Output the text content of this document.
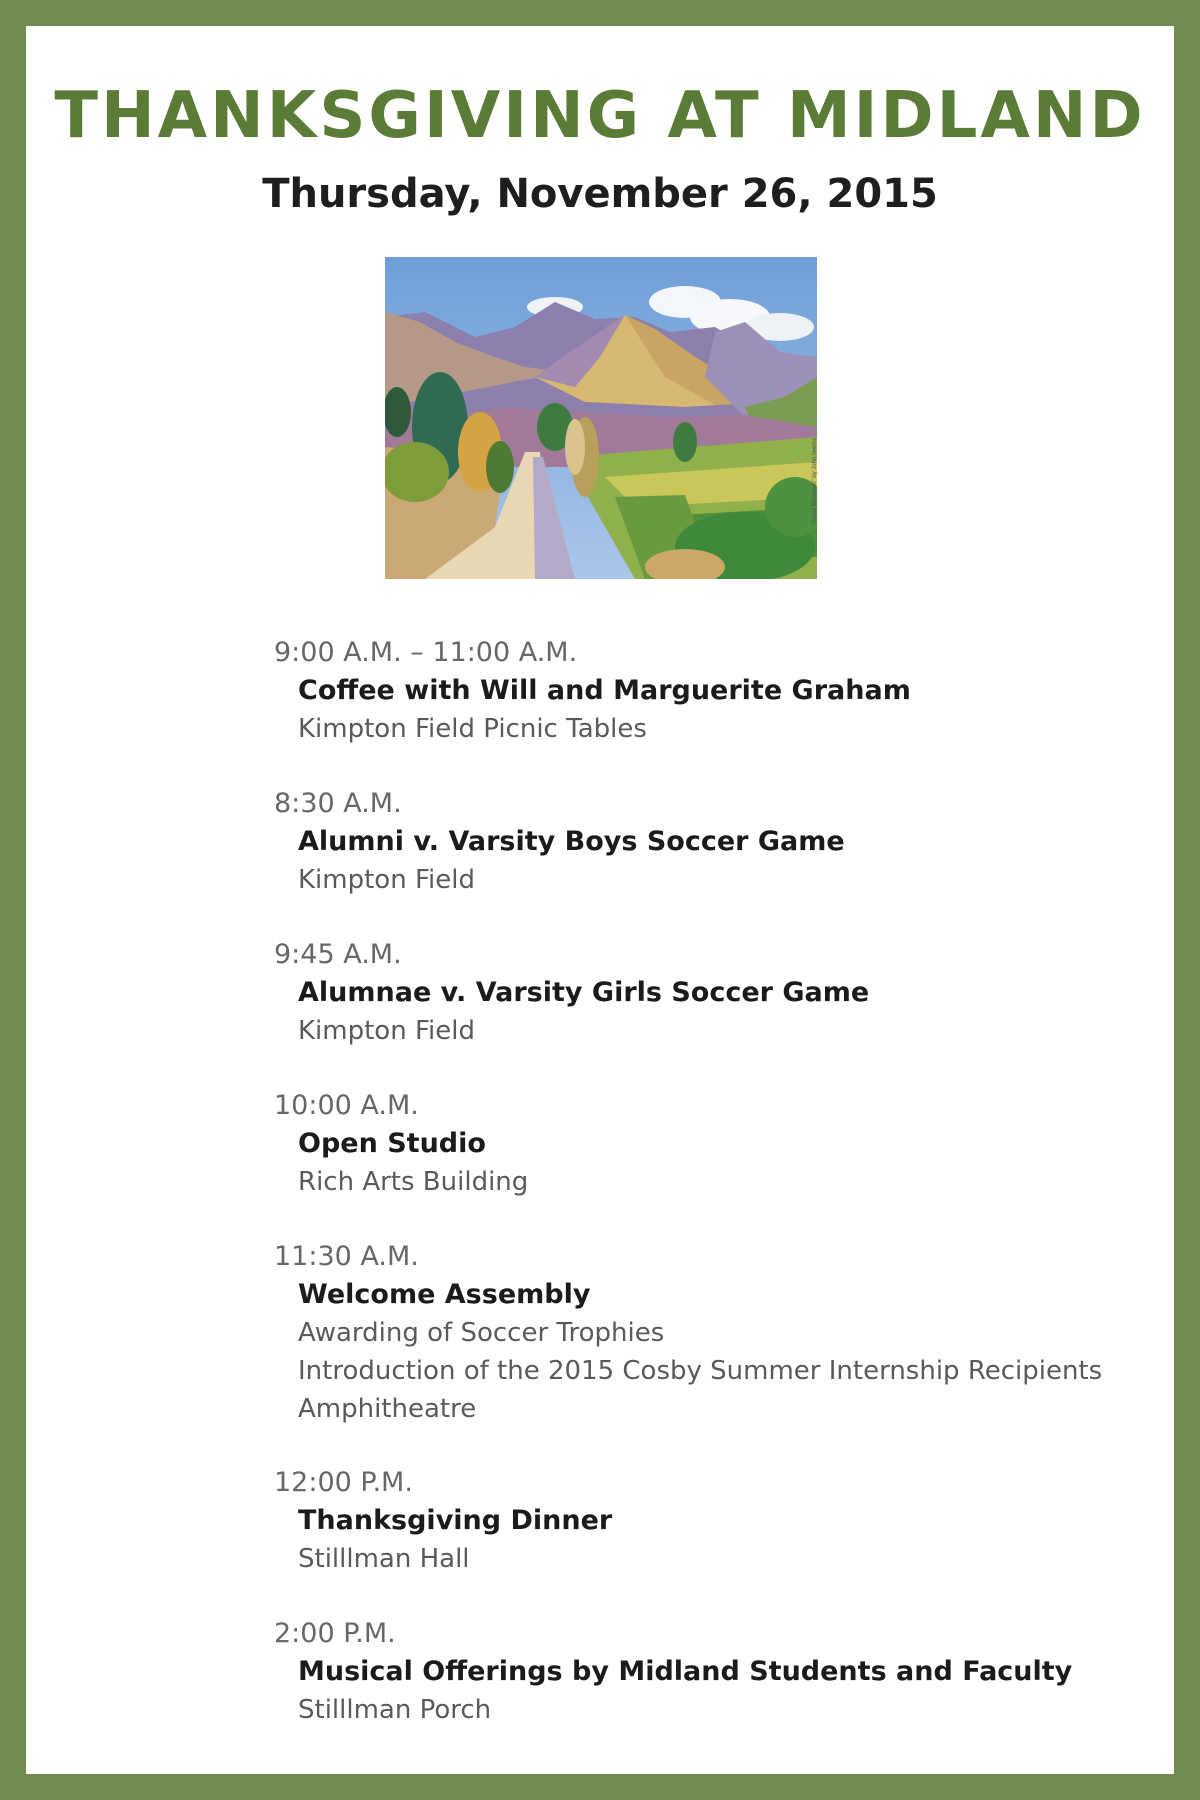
THANKSGIVING AT MIDLAND
Thursday, November 26, 2015
"Grass Mountain" by John Iwerks
9:00 A.M. – 11:00 A.M.
Coffee with Will and Marguerite Graham
Kimpton Field Picnic Tables
8:30 A.M.
Alumni v. Varsity Boys Soccer Game
Kimpton Field
9:45 A.M.
Alumnae v. Varsity Girls Soccer Game
Kimpton Field
10:00 A.M.
Open Studio
Rich Arts Building
11:30 A.M.
Welcome Assembly
Awarding of Soccer Trophies
Introduction of the 2015 Cosby Summer Internship Recipients
Amphitheatre
12:00 P.M.
Thanksgiving Dinner
Stilllman Hall
2:00 P.M.
Musical Offerings by Midland Students and Faculty
Stilllman Porch
